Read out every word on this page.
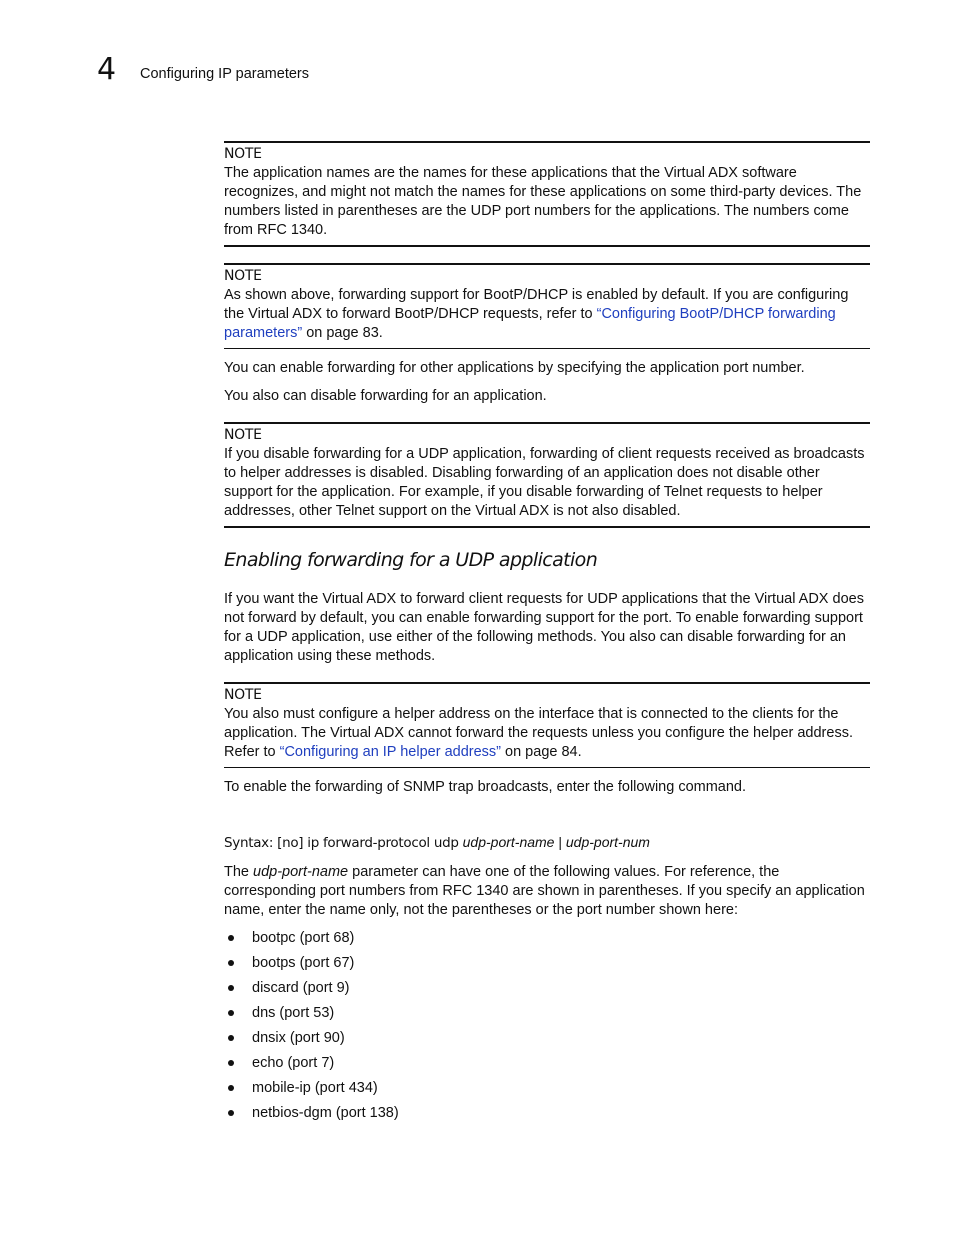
4 Configuring IP parameters
NOTE

The application names are the names for these applications that the Virtual ADX software recognizes, and might not match the names for these applications on some third-party devices. The numbers listed in parentheses are the UDP port numbers for the applications. The numbers come from RFC 1340.

NOTE

As shown above, forwarding support for BootP/DHCP is enabled by default. If you are configuring the Virtual ADX to forward BootP/DHCP requests, refer to “Configuring BootP/DHCP forwarding parameters” on page 83.

You can enable forwarding for other applications by specifying the application port number.

You also can disable forwarding for an application.

NOTE

If you disable forwarding for a UDP application, forwarding of client requests received as broadcasts to helper addresses is disabled. Disabling forwarding of an application does not disable other support for the application. For example, if you disable forwarding of Telnet requests to helper addresses, other Telnet support on the Virtual ADX is not also disabled.

Enabling forwarding for a UDP application

If you want the Virtual ADX to forward client requests for UDP applications that the Virtual ADX does not forward by default, you can enable forwarding support for the port. To enable forwarding support for a UDP application, use either of the following methods. You also can disable forwarding for an application using these methods.

NOTE

You also must configure a helper address on the interface that is connected to the clients for the application. The Virtual ADX cannot forward the requests unless you configure the helper address. Refer to “Configuring an IP helper address” on page 84.

To enable the forwarding of SNMP trap broadcasts, enter the following command.

Syntax: [no] ip forward-protocol udp udp-port-name | udp-port-num

The udp-port-name parameter can have one of the following values. For reference, the corresponding port numbers from RFC 1340 are shown in parentheses. If you specify an application name, enter the name only, not the parentheses or the port number shown here:

bootpc (port 68)
bootps (port 67)
discard (port 9)
dns (port 53)
dnsix (port 90)
echo (port 7)
mobile-ip (port 434)
netbios-dgm (port 138)
